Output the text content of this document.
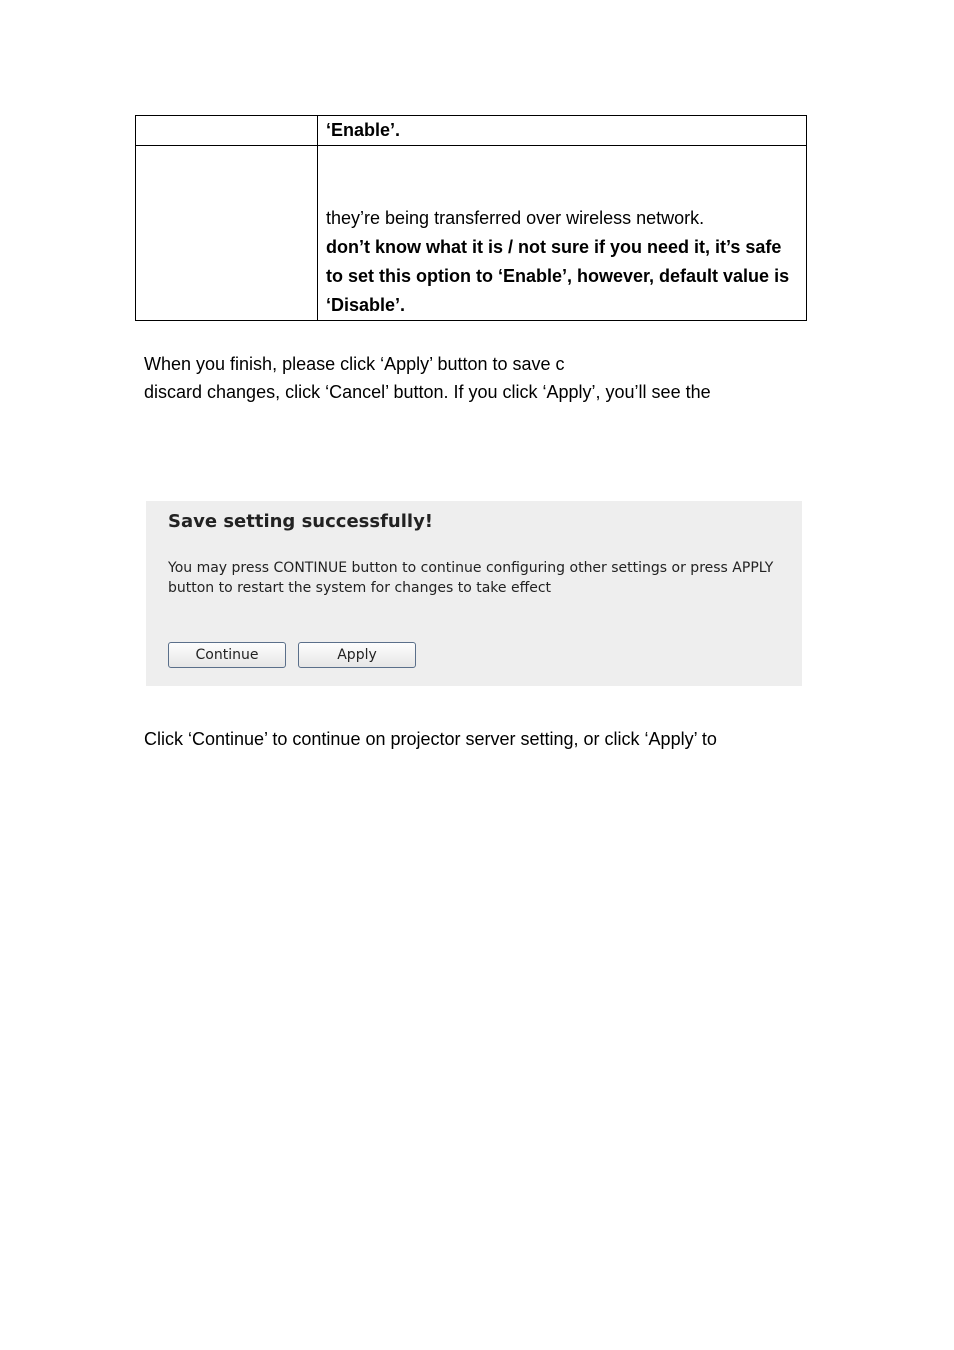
	‘Enable’.

	they’re being transferred over wireless network.
don’t know what it is / not sure if you need it, it’s safe to set this option to ‘Enable’, however, default value is ‘Disable’.
When you finish, please click ‘Apply’ button to save c
discard changes, click ‘Cancel’ button. If you click ‘Apply’, you’ll see the
Save setting successfully!
You may press CONTINUE button to continue configuring other settings or press APPLY button to restart the system for changes to take effect
Continue	Apply

Click ‘Continue’ to continue on projector server setting, or click ‘Apply’ to
